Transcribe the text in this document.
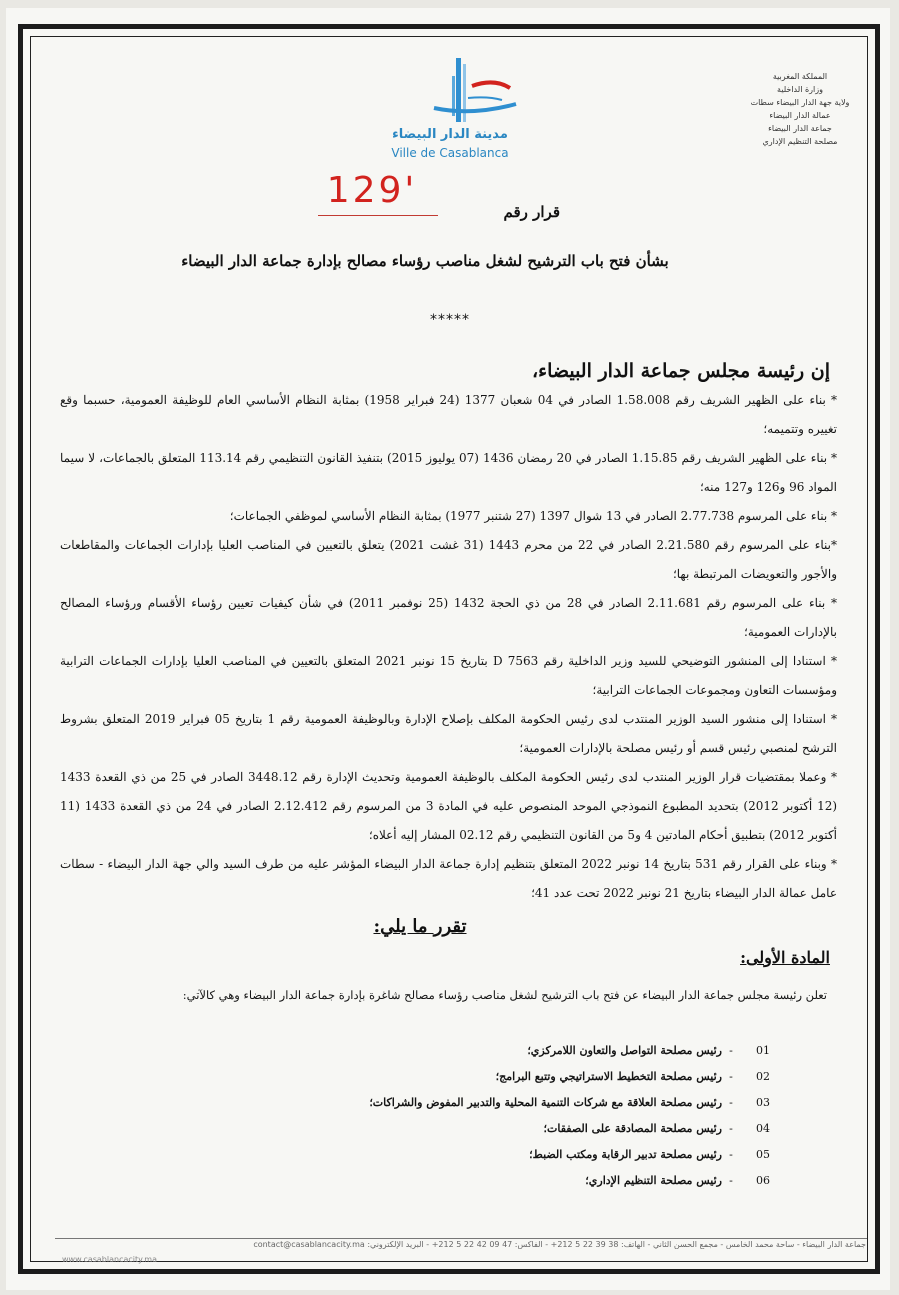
مدينة الدار البيضاء
Ville de Casablanca
المملكة المغربية
وزارة الداخلية
ولاية جهة الدار البيضاء سطات
عمالة الدار البيضاء
جماعة الدار البيضاء
مصلحة التنظيم الإداري
129'
قرار رقم
بشأن فتح باب الترشيح لشغل مناصب رؤساء مصالح بإدارة جماعة الدار البيضاء
*****
إن رئيسة مجلس جماعة الدار البيضاء،

* بناء على الظهير الشريف رقم 1.58.008 الصادر في 04 شعبان 1377 (24 فبراير 1958) بمثابة النظام الأساسي العام للوظيفة العمومية، حسبما وقع تغييره وتتميمه؛

* بناء على الظهير الشريف رقم 1.15.85 الصادر في 20 رمضان 1436 (07 يوليوز 2015) بتنفيذ القانون التنظيمي رقم 113.14 المتعلق بالجماعات، لا سيما المواد 96 و126 و127 منه؛

* بناء على المرسوم 2.77.738 الصادر في 13 شوال 1397 (27 شتنبر 1977) بمثابة النظام الأساسي لموظفي الجماعات؛

*بناء على المرسوم رقم 2.21.580 الصادر في 22 من محرم 1443 (31 غشت 2021) يتعلق بالتعيين في المناصب العليا بإدارات الجماعات والمقاطعات والأجور والتعويضات المرتبطة بها؛

* بناء على المرسوم رقم 2.11.681 الصادر في 28 من ذي الحجة 1432 (25 نوفمبر 2011) في شأن كيفيات تعيين رؤساء الأقسام ورؤساء المصالح بالإدارات العمومية؛

* استنادا إلى المنشور التوضيحي للسيد وزير الداخلية رقم D 7563 بتاريخ 15 نونبر 2021 المتعلق بالتعيين في المناصب العليا بإدارات الجماعات الترابية ومؤسسات التعاون ومجموعات الجماعات الترابية؛

* استنادا إلى منشور السيد الوزير المنتدب لدى رئيس الحكومة المكلف بإصلاح الإدارة وبالوظيفة العمومية رقم 1 بتاريخ 05 فبراير 2019 المتعلق بشروط الترشح لمنصبي رئيس قسم أو رئيس مصلحة بالإدارات العمومية؛

* وعملا بمقتضيات قرار الوزير المنتدب لدى رئيس الحكومة المكلف بالوظيفة العمومية وتحديث الإدارة رقم 3448.12 الصادر في 25 من ذي القعدة 1433 (12 أكتوبر 2012) بتحديد المطبوع النموذجي الموحد المنصوص عليه في المادة 3 من المرسوم رقم 2.12.412 الصادر في 24 من ذي القعدة 1433 (11 أكتوبر 2012) بتطبيق أحكام المادتين 4 و5 من القانون التنظيمي رقم 02.12 المشار إليه أعلاه؛

* وبناء على القرار رقم 531 بتاريخ 14 نونبر 2022 المتعلق بتنظيم إدارة جماعة الدار البيضاء المؤشر عليه من طرف السيد والي جهة الدار البيضاء - سطات عامل عمالة الدار البيضاء بتاريخ 21 نونبر 2022 تحت عدد 41؛

تقرر ما يلي:
المادة الأولى:
تعلن رئيسة مجلس جماعة الدار البيضاء عن فتح باب الترشيح لشغل مناصب رؤساء مصالح شاغرة بإدارة جماعة الدار البيضاء وهي كالآتي:
01-رئيس مصلحة التواصل والتعاون اللامركزي؛
02-رئيس مصلحة التخطيط الاستراتيجي وتتبع البرامج؛
03-رئيس مصلحة العلاقة مع شركات التنمية المحلية والتدبير المفوض والشراكات؛
04-رئيس مصلحة المصادقة على الصفقات؛
05-رئيس مصلحة تدبير الرقابة ومكتب الضبط؛
06-رئيس مصلحة التنظيم الإداري؛
جماعة الدار البيضاء - ساحة محمد الخامس - مجمع الحسن الثاني - الهاتف: 38 39 22 5 212+ - الفاكس: 47 09 42 22 5 212+ - البريد الإلكتروني: contact@casablancacity.ma
www.casablancacity.ma
